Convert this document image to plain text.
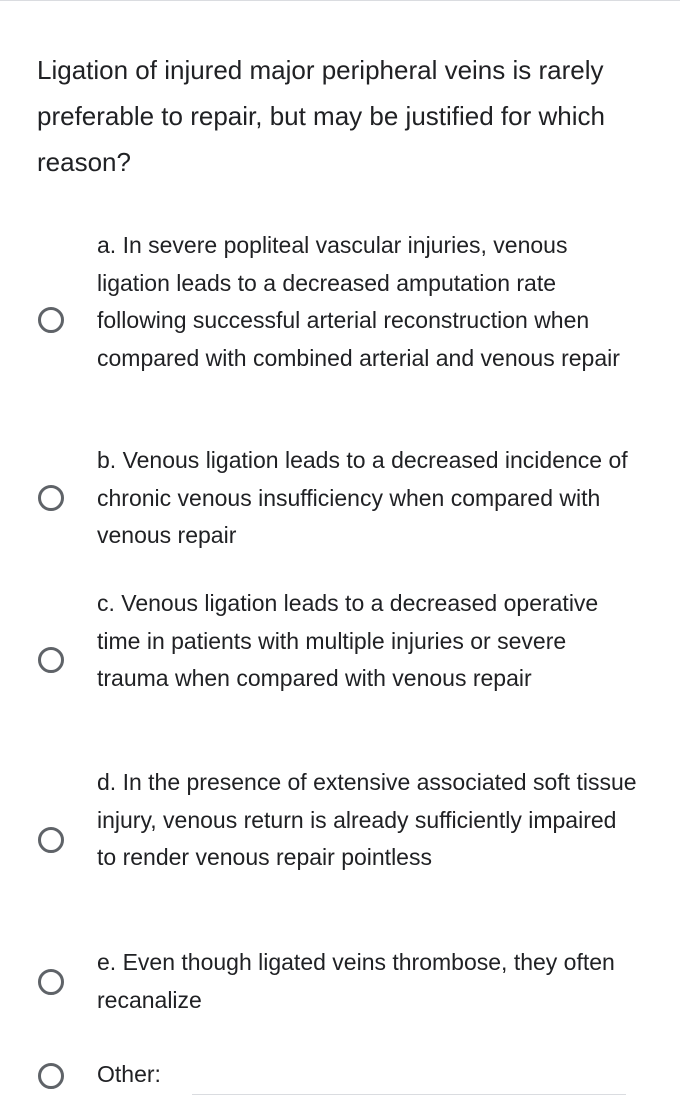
Ligation of injured major peripheral veins is rarely preferable to repair, but may be justified for which reason?
a. In severe popliteal vascular injuries, venous ligation leads to a decreased amputation rate following successful arterial reconstruction when compared with combined arterial and venous repair
b. Venous ligation leads to a decreased incidence of chronic venous insufficiency when compared with venous repair
c. Venous ligation leads to a decreased operative time in patients with multiple injuries or severe trauma when compared with venous repair
d. In the presence of extensive associated soft tissue injury, venous return is already sufficiently impaired to render venous repair pointless
e. Even though ligated veins thrombose, they often recanalize
Other:
